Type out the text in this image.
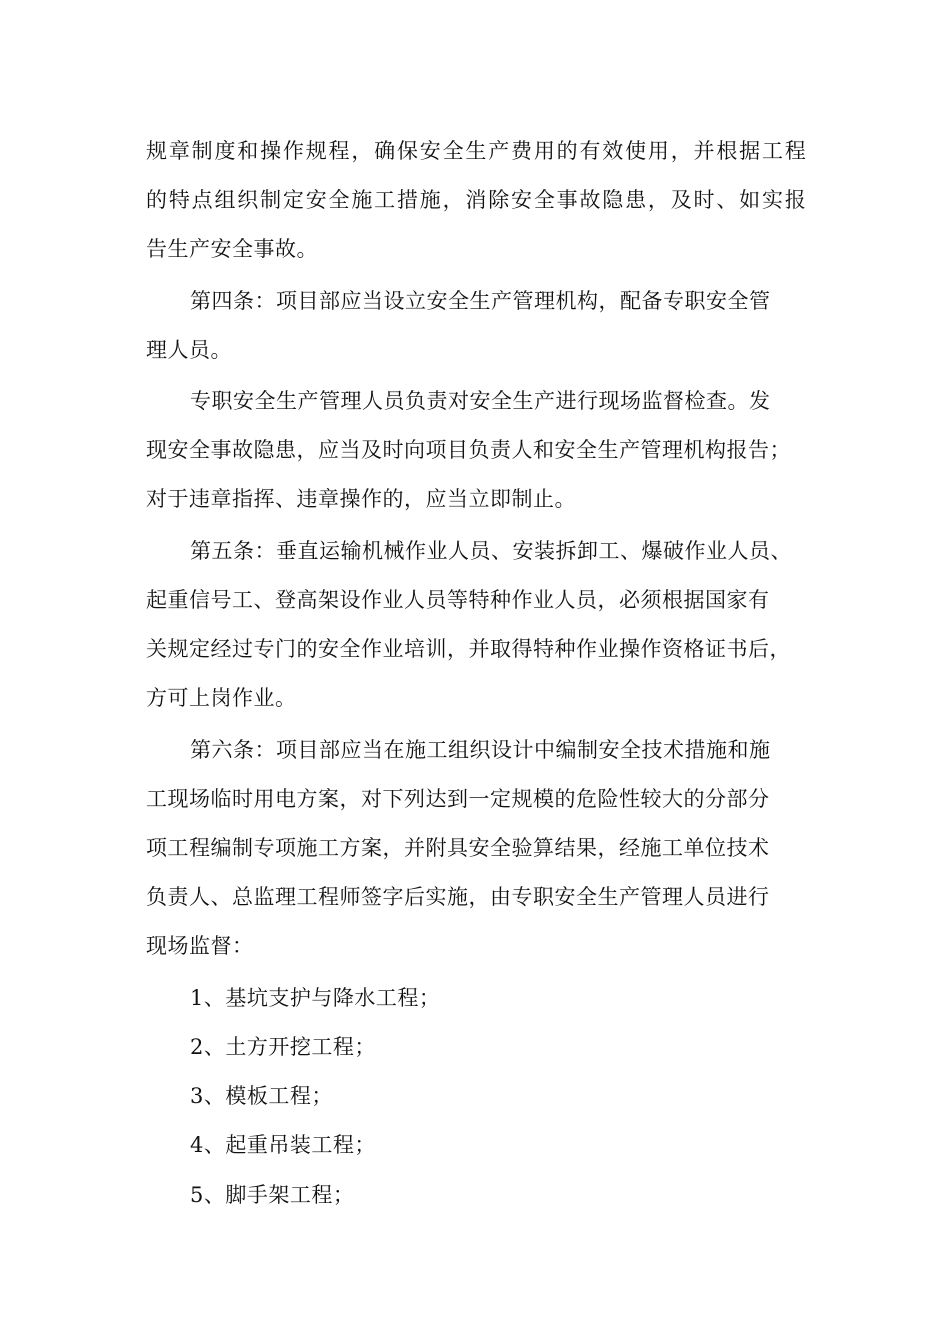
规 章 制 度 和 操 作 规 程 ， 确 保 安 全 生 产 费 用 的 有 效 使 用 ， 并 根 据 工 程
的 特 点 组 织 制 定 安 全 施 工 措 施 ， 消 除 安 全 事 故 隐 患 ， 及 时 、 如 实 报
告生产安全事故。
第四条：项目部应当设立安全生产管理机构，配备专职安全管
理人员。
专职安全生产管理人员负责对安全生产进行现场监督检查。发
现安全事故隐患，应当及时向项目负责人和安全生产管理机构报告；
对于违章指挥、违章操作的，应当立即制止。
第五条：垂直运输机械作业人员、安装拆卸工、爆破作业人员、
起重信号工、登高架设作业人员等特种作业人员，必须根据国家有
关规定经过专门的安全作业培训，并取得特种作业操作资格证书后，
方可上岗作业。
第六条：项目部应当在施工组织设计中编制安全技术措施和施
工现场临时用电方案，对下列达到一定规模的危险性较大的分部分
项工程编制专项施工方案，并附具安全验算结果，经施工单位技术
负责人、总监理工程师签字后实施，由专职安全生产管理人员进行
现场监督：
1、基坑支护与降水工程；
2、土方开挖工程；
3、模板工程；
4、起重吊装工程；
5、脚手架工程；
